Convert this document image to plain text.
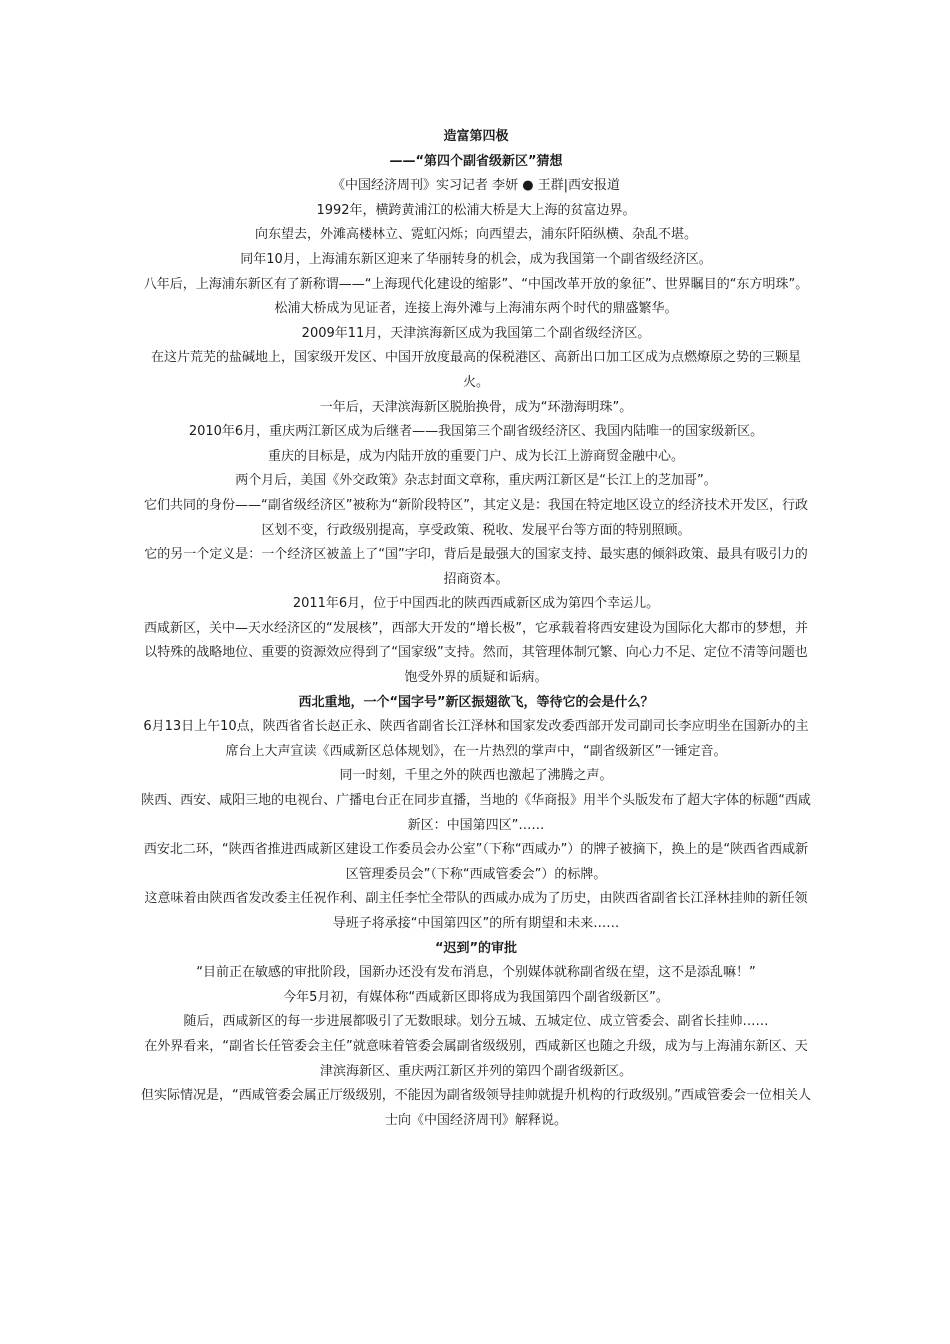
造富第四极

——“第四个副省级新区”猜想

《中国经济周刊》实习记者 李妍 ● 王群|西安报道

1992年，横跨黄浦江的松浦大桥是大上海的贫富边界。

向东望去，外滩高楼林立、霓虹闪烁；向西望去，浦东阡陌纵横、杂乱不堪。

同年10月，上海浦东新区迎来了华丽转身的机会，成为我国第一个副省级经济区。

八年后，上海浦东新区有了新称谓——“上海现代化建设的缩影”、“中国改革开放的象征”、世界瞩目的“东方明珠”。

松浦大桥成为见证者，连接上海外滩与上海浦东两个时代的鼎盛繁华。

2009年11月，天津滨海新区成为我国第二个副省级经济区。

在这片荒芜的盐碱地上，国家级开发区、中国开放度最高的保税港区、高新出口加工区成为点燃燎原之势的三颗星火。

一年后，天津滨海新区脱胎换骨，成为“环渤海明珠”。

2010年6月，重庆两江新区成为后继者——我国第三个副省级经济区、我国内陆唯一的国家级新区。

重庆的目标是，成为内陆开放的重要门户、成为长江上游商贸金融中心。

两个月后，美国《外交政策》杂志封面文章称，重庆两江新区是“长江上的芝加哥”。

它们共同的身份——“副省级经济区”被称为“新阶段特区”，其定义是：我国在特定地区设立的经济技术开发区，行政区划不变，行政级别提高，享受政策、税收、发展平台等方面的特别照顾。

它的另一个定义是：一个经济区被盖上了“国”字印，背后是最强大的国家支持、最实惠的倾斜政策、最具有吸引力的招商资本。

2011年6月，位于中国西北的陕西西咸新区成为第四个幸运儿。

西咸新区，关中—天水经济区的“发展核”，西部大开发的“增长极”，它承载着将西安建设为国际化大都市的梦想，并以特殊的战略地位、重要的资源效应得到了“国家级”支持。然而，其管理体制冗繁、向心力不足、定位不清等问题也饱受外界的质疑和诟病。

西北重地，一个“国字号”新区振翅欲飞，等待它的会是什么？

6月13日上午10点，陕西省省长赵正永、陕西省副省长江泽林和国家发改委西部开发司副司长李应明坐在国新办的主席台上大声宣读《西咸新区总体规划》，在一片热烈的掌声中，“副省级新区”一锤定音。

同一时刻，千里之外的陕西也激起了沸腾之声。

陕西、西安、咸阳三地的电视台、广播电台正在同步直播，当地的《华商报》用半个头版发布了超大字体的标题“西咸新区：中国第四区”……

西安北二环，“陕西省推进西咸新区建设工作委员会办公室”（下称“西咸办”）的牌子被摘下，换上的是“陕西省西咸新区管理委员会”（下称“西咸管委会”）的标牌。

这意味着由陕西省发改委主任祝作利、副主任李忙全带队的西咸办成为了历史，由陕西省副省长江泽林挂帅的新任领导班子将承接“中国第四区”的所有期望和未来……

“迟到”的审批

“目前正在敏感的审批阶段，国新办还没有发布消息，个别媒体就称副省级在望，这不是添乱嘛！”

今年5月初，有媒体称“西咸新区即将成为我国第四个副省级新区”。

随后，西咸新区的每一步进展都吸引了无数眼球。划分五城、五城定位、成立管委会、副省长挂帅……

在外界看来，“副省长任管委会主任”就意味着管委会属副省级级别，西咸新区也随之升级，成为与上海浦东新区、天津滨海新区、重庆两江新区并列的第四个副省级新区。

但实际情况是，“西咸管委会属正厅级级别，不能因为副省级领导挂帅就提升机构的行政级别。”西咸管委会一位相关人士向《中国经济周刊》解释说。
